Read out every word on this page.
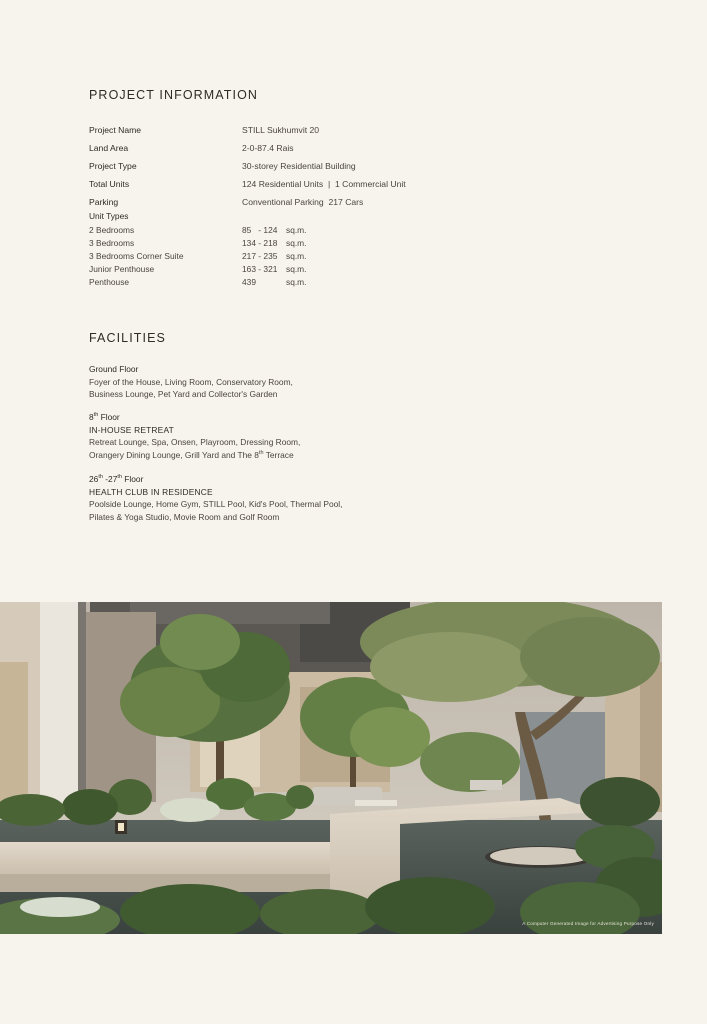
PROJECT INFORMATION
Project Name	STILL Sukhumvit 20
Land Area	2-0-87.4 Rais
Project Type	30-storey Residential Building
Total Units	124 Residential Units  |  1 Commercial Unit
Parking	Conventional Parking  217 Cars
Unit Types
2 Bedrooms	85   - 124	sq.m.
3 Bedrooms	134 - 218	sq.m.
3 Bedrooms Corner Suite	217 - 235	sq.m.
Junior Penthouse	163 - 321	sq.m.
Penthouse	439	sq.m.
FACILITIES
Ground Floor
Foyer of the House, Living Room, Conservatory Room,
Business Lounge, Pet Yard and Collector's Garden
8th Floor
IN-HOUSE RETREAT
Retreat Lounge, Spa, Onsen, Playroom, Dressing Room,
Orangery Dining Lounge, Grill Yard and The 8th Terrace
26th -27th Floor
HEALTH CLUB IN RESIDENCE
Poolside Lounge, Home Gym, STILL Pool, Kid's Pool, Thermal Pool,
Pilates & Yoga Studio, Movie Room and Golf Room
A Computer Generated Image for Advertising Purpose Only
